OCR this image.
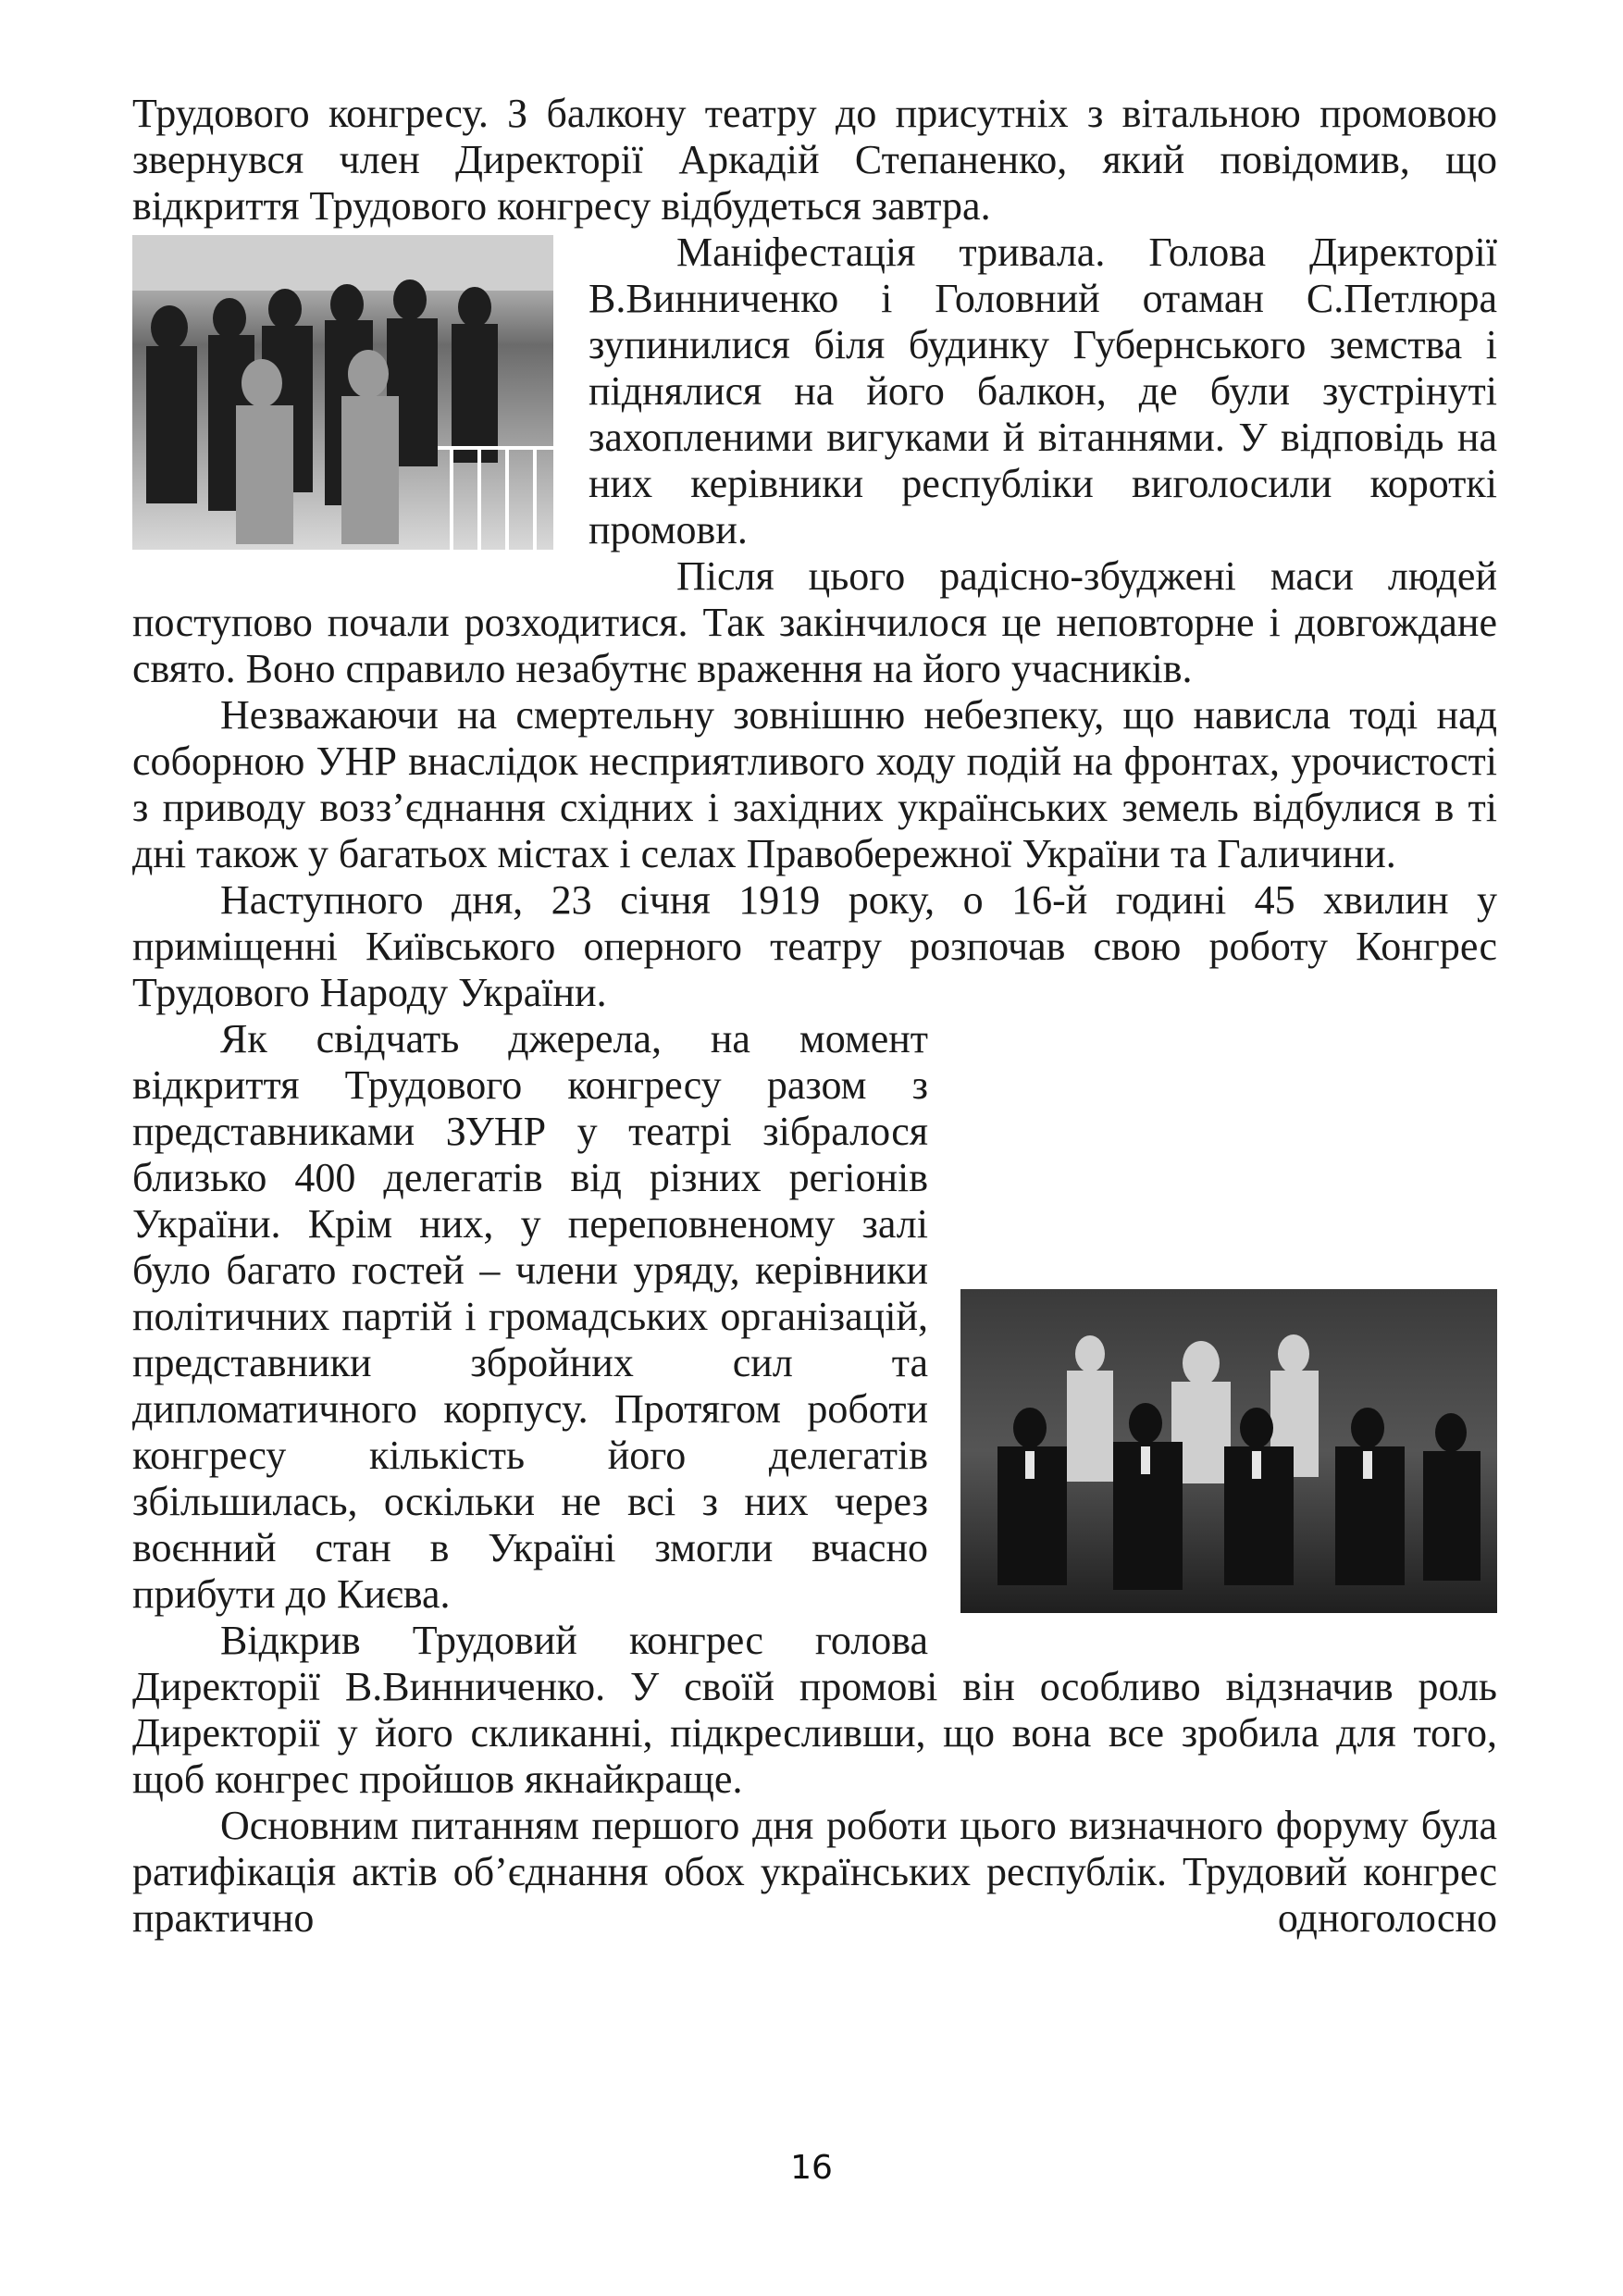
Трудового конгресу. З балкону театру до присутніх з вітальною промовою звернувся член Директорії Аркадій Степаненко, який повідомив, що відкриття Трудового конгресу відбудеться завтра.

Маніфестація тривала. Голова Директорії В.Винниченко і Головний отаман С.Петлюра зупинилися біля будинку Губернського земства і піднялися на його балкон, де були зустрінуті захопленими вигуками й вітаннями. У відповідь на них керівники республіки виголосили короткі промови.

Після цього радісно-збуджені маси людей поступово почали розходитися. Так закінчилося це неповторне і довгождане свято. Воно справило незабутнє враження на його учасників.

Незважаючи на смертельну зовнішню небезпеку, що нависла тоді над соборною УНР внаслідок несприятливого ходу подій на фронтах, урочистості з приводу возз’єднання східних і західних українських земель відбулися в ті дні також у багатьох містах і селах Правобережної України та Галичини.

Наступного дня, 23 січня 1919 року, о 16-й годині 45 хвилин у приміщенні Київського оперного театру розпочав свою роботу Конгрес Трудового Народу України.

Як свідчать джерела, на момент відкриття Трудового конгресу разом з представниками ЗУНР у театрі зібралося близько 400 делегатів від різних регіонів України. Крім них, у переповненому залі було багато гостей – члени уряду, керівники політичних партій і громадських організацій, представники збройних сил та дипломатичного корпусу. Протягом роботи конгресу кількість його делегатів збільшилась, оскільки не всі з них через воєнний стан в Україні змогли вчасно прибути до Києва.

Відкрив Трудовий конгрес голова Директорії В.Винниченко. У своїй промові він особливо відзначив роль Директорії у його скликанні, підкресливши, що вона все зробила для того, щоб конгрес пройшов якнайкраще.

Основним питанням першого дня роботи цього визначного форуму була ратифікація актів об’єднання обох українських республік. Трудовий конгрес практично одноголосно

16
